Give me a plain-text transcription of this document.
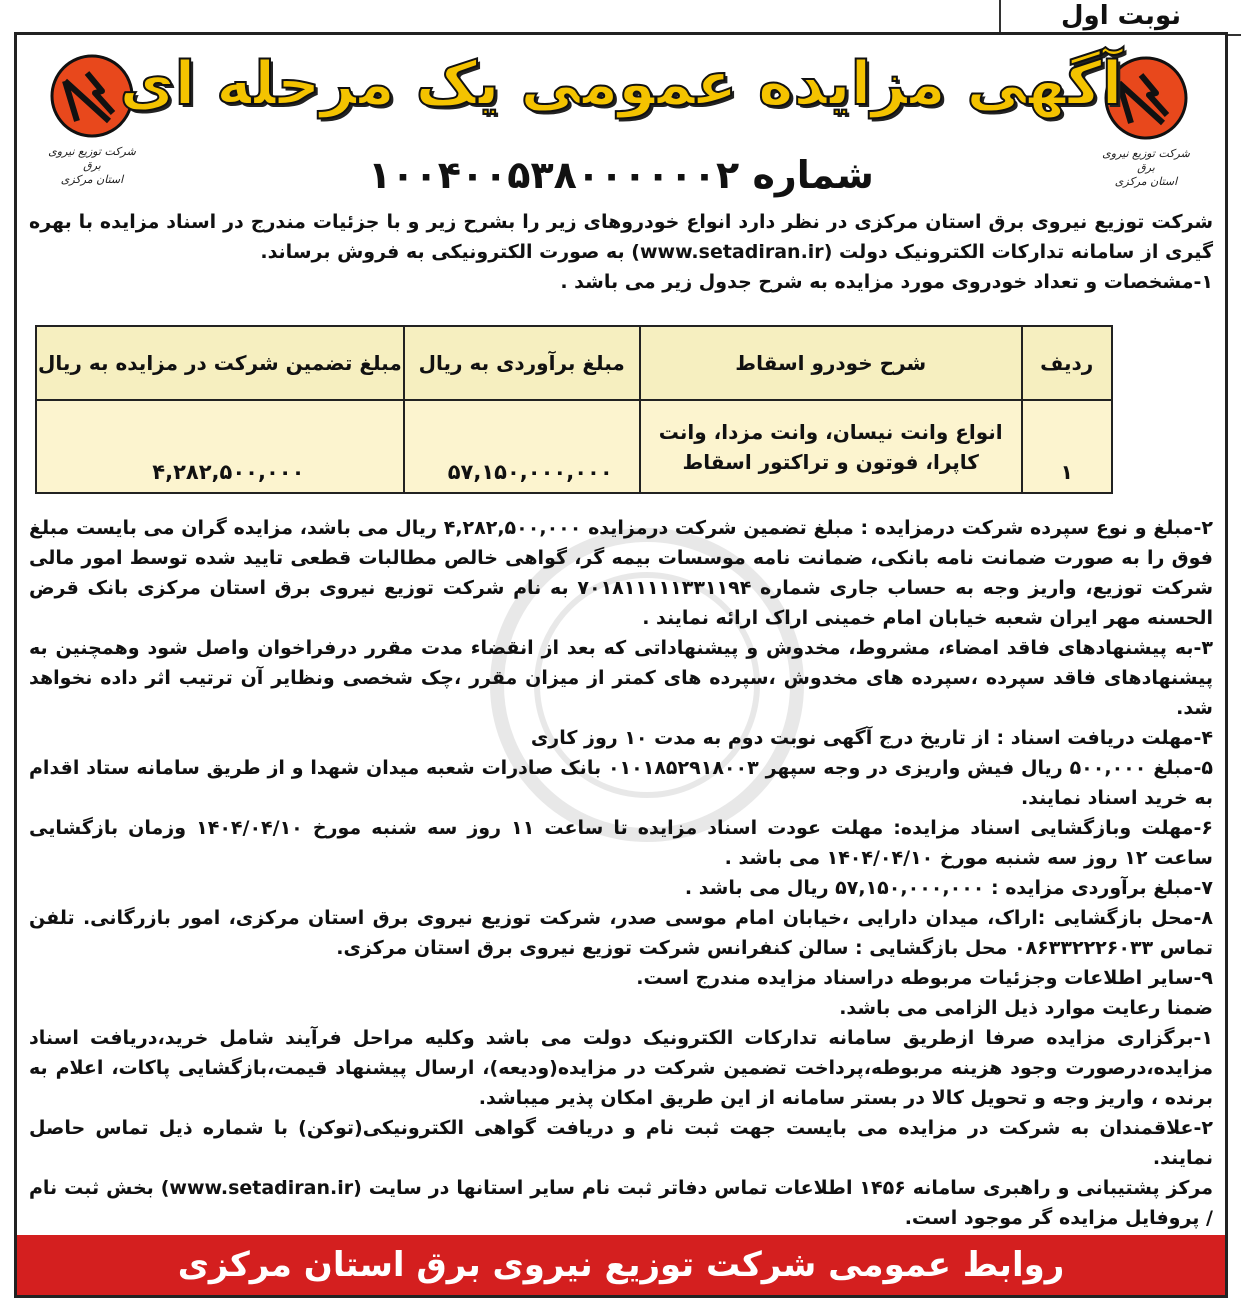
نوبت اول
شرکت توزیع نیروی برق
استان مرکزی
شرکت توزیع نیروی برق
استان مرکزی
آگهی مزایده عمومی یک مرحله ای
شماره ۱۰۰۴۰۰۵۳۸۰۰۰۰۰۰۲

شرکت توزیع نیروی برق استان مرکزی در نظر دارد انواع خودروهای زیر را بشرح زیر و با جزئیات مندرج در اسناد مزایده با بهره گیری از سامانه تدارکات الکترونیک دولت (www.setadiran.ir) به صورت الکترونیکی به فروش برساند.

۱-مشخصات و تعداد خودروی مورد مزایده به شرح جدول زیر می باشد .

ردیف	شرح خودرو اسقاط	مبلغ برآوردی به ریال	مبلغ تضمین شرکت در مزایده به ریال
۱	انواع وانت نیسان، وانت مزدا، وانت کاپرا، فوتون و تراکتور اسقاط	۵۷,۱۵۰,۰۰۰,۰۰۰	۴,۲۸۲,۵۰۰,۰۰۰

۲-مبلغ و نوع سپرده شرکت درمزایده : مبلغ تضمین شرکت درمزایده ۴,۲۸۲,۵۰۰,۰۰۰ ریال می باشد، مزایده گران می بایست مبلغ فوق را به صورت ضمانت نامه بانکی، ضمانت نامه موسسات بیمه گر، گواهی خالص مطالبات قطعی تایید شده توسط امور مالی شرکت توزیع، واریز وجه به حساب جاری شماره ۷۰۱۸۱۱۱۱۱۳۳۱۱۹۴ به نام شرکت توزیع نیروی برق استان مرکزی بانک قرض الحسنه مهر ایران شعبه خیابان امام خمینی اراک ارائه نمایند .

۳-به پیشنهادهای فاقد امضاء، مشروط، مخدوش و پیشنهاداتی که بعد از انقضاء مدت مقرر درفراخوان واصل شود وهمچنین به پیشنهادهای فاقد سپرده ،سپرده های مخدوش ،سپرده های کمتر از میزان مقرر ،چک شخصی ونظایر آن ترتیب اثر داده نخواهد شد.

۴-مهلت دریافت اسناد : از تاریخ درج آگهی نوبت دوم به مدت ۱۰ روز کاری

۵-مبلغ ۵۰۰,۰۰۰ ریال فیش واریزی در وجه سپهر ۰۱۰۱۸۵۲۹۱۸۰۰۳ بانک صادرات شعبه میدان شهدا و از طریق سامانه ستاد اقدام به خرید اسناد نمایند.

۶-مهلت وبازگشایی اسناد مزایده: مهلت عودت اسناد مزایده تا ساعت ۱۱ روز سه شنبه مورخ ۱۴۰۴/۰۴/۱۰ وزمان بازگشایی ساعت ۱۲ روز سه شنبه مورخ ۱۴۰۴/۰۴/۱۰ می باشد .

۷-مبلغ برآوردی مزایده : ۵۷,۱۵۰,۰۰۰,۰۰۰ ریال می باشد .

۸-محل بازگشایی :اراک، میدان دارایی ،خیابان امام موسی صدر، شرکت توزیع نیروی برق استان مرکزی، امور بازرگانی. تلفن تماس ۰۸۶۳۳۲۲۲۶۰۳۳ محل بازگشایی : سالن کنفرانس شرکت توزیع نیروی برق استان مرکزی.

۹-سایر اطلاعات وجزئیات مربوطه دراسناد مزایده مندرج است.

ضمنا رعایت موارد ذیل الزامی می باشد.

۱-برگزاری مزایده صرفا ازطریق سامانه تدارکات الکترونیک دولت می باشد وکلیه مراحل فرآیند شامل خرید،دریافت اسناد مزایده،درصورت وجود هزینه مربوطه،پرداخت تضمین شرکت در مزایده(ودیعه)، ارسال پیشنهاد قیمت،بازگشایی پاکات، اعلام به برنده ، واریز وجه و تحویل کالا در بستر سامانه از این طریق امکان پذیر میباشد.

۲-علاقمندان به شرکت در مزایده می بایست جهت ثبت نام و دریافت گواهی الکترونیکی(توکن) با شماره ذیل تماس حاصل نمایند.

مرکز پشتیبانی و راهبری سامانه ۱۴۵۶ اطلاعات تماس دفاتر ثبت نام سایر استانها در سایت (www.setadiran.ir) بخش ثبت نام / پروفایل مزایده گر موجود است.

روابط عمومی شرکت توزیع نیروی برق استان مرکزی
